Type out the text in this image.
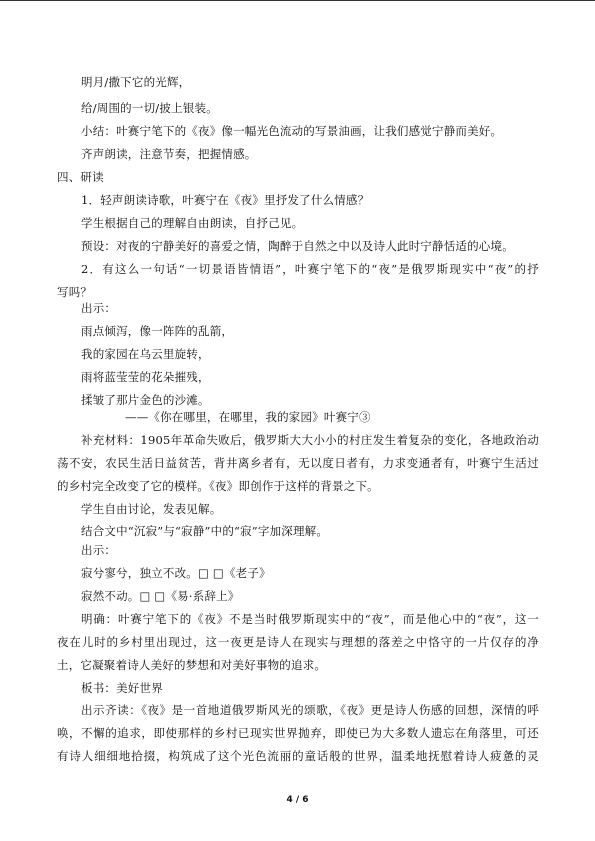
明月/撒下它的光辉，
给/周围的一切/披上银装。
小结：叶赛宁笔下的《夜》像一幅光色流动的写景油画，让我们感觉宁静而美好。
齐声朗读，注意节奏，把握情感。
四、研读
1．轻声朗读诗歌，叶赛宁在《夜》里抒发了什么情感？
学生根据自己的理解自由朗读，自抒己见。
预设：对夜的宁静美好的喜爱之情，陶醉于自然之中以及诗人此时宁静恬适的心境。
2．有这么一句话“一切景语皆情语”，叶赛宁笔下的“夜”是俄罗斯现实中“夜”的抒
写吗？
出示：
雨点倾泻，像一阵阵的乱箭，
我的家园在乌云里旋转，
雨将蓝莹莹的花朵摧残，
揉皱了那片金色的沙滩。
——《你在哪里，在哪里，我的家园》叶赛宁③
补充材料：1905年革命失败后，俄罗斯大大小小的村庄发生着复杂的变化，各地政治动
荡不安，农民生活日益贫苦，背井离乡者有，无以度日者有，力求变通者有，叶赛宁生活过
的乡村完全改变了它的模样。《夜》即创作于这样的背景之下。
学生自由讨论，发表见解。
结合文中“沉寂”与“寂静”中的“寂”字加深理解。
出示：
寂兮寥兮，独立不改。□ □《老子》
寂然不动。□ □《易·系辞上》
明确：叶赛宁笔下的《夜》不是当时俄罗斯现实中的“夜”，而是他心中的“夜”，这一
夜在儿时的乡村里出现过，这一夜更是诗人在现实与理想的落差之中恪守的一片仅存的净
土，它凝聚着诗人美好的梦想和对美好事物的追求。
板书：美好世界
出示齐读：《夜》是一首地道俄罗斯风光的颂歌，《夜》更是诗人伤感的回想，深情的呼
唤，不懈的追求，即使那样的乡村已现实世界抛弃，即使已为大多数人遗忘在角落里，可还
有诗人细细地拾掇，构筑成了这个光色流丽的童话般的世界，温柔地抚慰着诗人疲惫的灵
4 / 6
